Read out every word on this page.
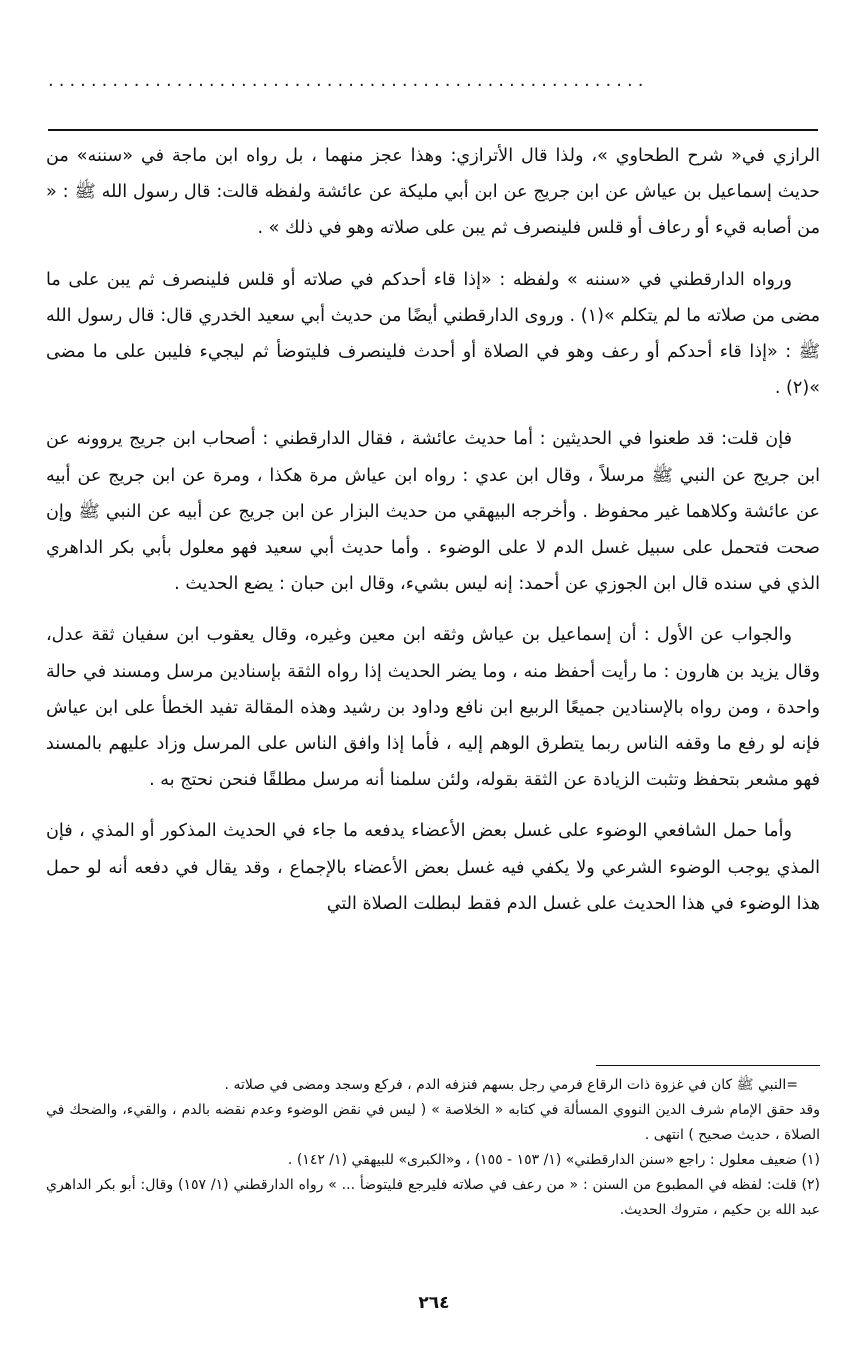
........................................................

الرازي في« شرح الطحاوي »، ولذا قال الأترازي: وهذا عجز منهما ، بل رواه ابن ماجة في «سننه» من حديث إسماعيل بن عياش عن ابن جريج عن ابن أبي مليكة عن عائشة ولفظه قالت: قال رسول الله ﷺ : « من أصابه قيء أو رعاف أو قلس فلينصرف ثم يبن على صلاته وهو في ذلك » .

ورواه الدارقطني في «سننه » ولفظه : «إذا قاء أحدكم في صلاته أو قلس فلينصرف ثم يبن على ما مضى من صلاته ما لم يتكلم »(١) . وروى الدارقطني أيضًا من حديث أبي سعيد الخدري قال: قال رسول الله ﷺ : «إذا قاء أحدكم أو رعف وهو في الصلاة أو أحدث فلينصرف فليتوضأ ثم ليجيء فليبن على ما مضى »(٢) .

فإن قلت: قد طعنوا في الحديثين : أما حديث عائشة ، فقال الدارقطني : أصحاب ابن جريج يروونه عن ابن جريج عن النبي ﷺ مرسلاً ، وقال ابن عدي : رواه ابن عياش مرة هكذا ، ومرة عن ابن جريج عن أبيه عن عائشة وكلاهما غير محفوظ . وأخرجه البيهقي من حديث البزار عن ابن جريج عن أبيه عن النبي ﷺ وإن صحت فتحمل على سبيل غسل الدم لا على الوضوء . وأما حديث أبي سعيد فهو معلول بأبي بكر الداهري الذي في سنده قال ابن الجوزي عن أحمد: إنه ليس بشيء، وقال ابن حبان : يضع الحديث .

والجواب عن الأول : أن إسماعيل بن عياش وثقه ابن معين وغيره، وقال يعقوب ابن سفيان ثقة عدل، وقال يزيد بن هارون : ما رأيت أحفظ منه ، وما يضر الحديث إذا رواه الثقة بإسنادين مرسل ومسند في حالة واحدة ، ومن رواه بالإسنادين جميعًا الربيع ابن نافع وداود بن رشيد وهذه المقالة تفيد الخطأ على ابن عياش فإنه لو رفع ما وقفه الناس ربما يتطرق الوهم إليه ، فأما إذا وافق الناس على المرسل وزاد عليهم بالمسند فهو مشعر بتحفظ وتثبت الزيادة عن الثقة بقوله، ولئن سلمنا أنه مرسل مطلقًا فنحن نحتج به .

وأما حمل الشافعي الوضوء على غسل بعض الأعضاء يدفعه ما جاء في الحديث المذكور أو المذي ، فإن المذي يوجب الوضوء الشرعي ولا يكفي فيه غسل بعض الأعضاء بالإجماع ، وقد يقال في دفعه أنه لو حمل هذا الوضوء في هذا الحديث على غسل الدم فقط لبطلت الصلاة التي

=النبي ﷺ كان في غزوة ذات الرقاع فرمي رجل بسهم فنزفه الدم ، فركع وسجد ومضى في صلاته .

وقد حقق الإمام شرف الدين النووي المسألة في كتابه « الخلاصة » ( ليس في نقض الوضوء وعدم نقضه بالدم ، والقيء، والضحك في الصلاة ، حديث صحيح ) انتهى .

(١) ضعيف معلول : راجع «سنن الدارقطني» (١/ ١٥٣ - ١٥٥) ، و«الكبرى» للبيهقي (١/ ١٤٢) .

(٢) قلت: لفظه في المطبوع من السنن : « من رعف في صلاته فليرجع فليتوضأ ... » رواه الدارقطني (١/ ١٥٧) وقال: أبو بكر الداهري عبد الله بن حكيم ، متروك الحديث.

٢٦٤
